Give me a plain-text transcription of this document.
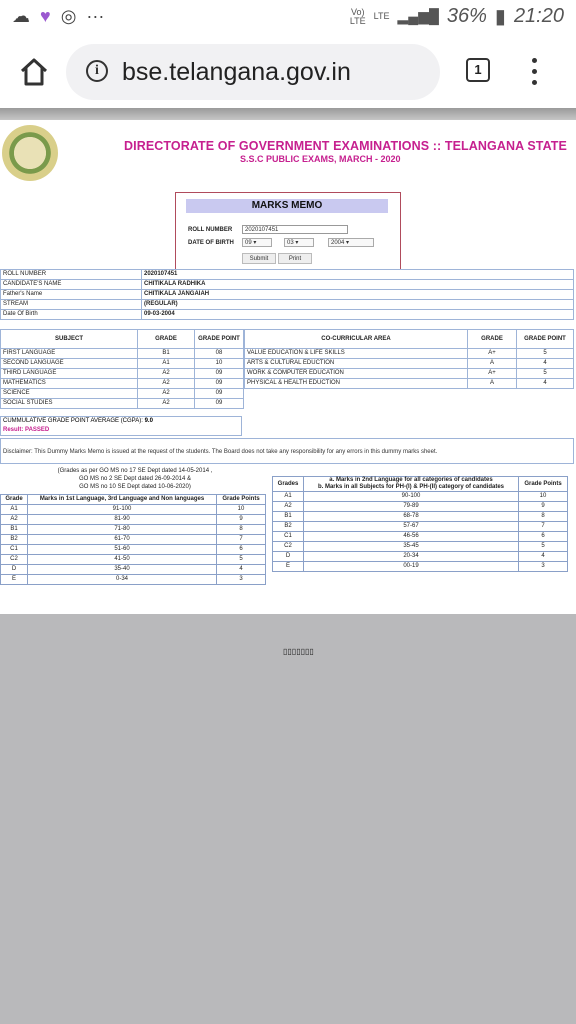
☁ ♥ ◎ ···	Vo)
LTE LTE ▂▄▆█ 36% ▮ 21:20
i bse.telangana.gov.in	1
DIRECTORATE OF GOVERNMENT EXAMINATIONS :: TELANGANA STATE
S.S.C PUBLIC EXAMS, MARCH - 2020
MARKS MEMO
ROLL NUMBER	2020107451
DATE OF BIRTH	09 ▾	03 ▾	2004 ▾
Submit	Print
ROLL NUMBER	2020107451
CANDIDATE'S NAME	CHITIKALA RADHIKA
Father's Name	CHITIKALA JANGAIAH
STREAM	(REGULAR)
Date Of Birth	09-03-2004
SUBJECT	GRADE	GRADE POINT
FIRST LANGUAGE	B1	08
SECOND LANGUAGE	A1	10
THIRD LANGUAGE	A2	09
MATHEMATICS	A2	09
SCIENCE	A2	09
SOCIAL STUDIES	A2	09
CO-CURRICULAR AREA	GRADE	GRADE POINT
VALUE EDUCATION & LIFE SKILLS	A+	5
ARTS & CULTURAL EDUCTION	A	4
WORK & COMPUTER EDUCATION	A+	5
PHYSICAL & HEALTH EDUCTION	A	4
CUMMULATIVE GRADE POINT AVERAGE (CGPA): 9.0
Result: PASSED
Disclaimer: This Dummy Marks Memo is issued at the request of the students. The Board does not take any responsibility for any errors in this dummy marks sheet.
(Grades as per GO MS no 17 SE Dept dated 14-05-2014 ,
GO MS no 2 SE Dept dated 26-09-2014 &
GO MS no 10 SE Dept dated 10-06-2020)
Grade	Marks in 1st Language, 3rd Language and Non languages	Grade Points
A1	91-100	10
A2	81-90	9
B1	71-80	8
B2	61-70	7
C1	51-60	6
C2	41-50	5
D	35-40	4
E	0-34	3
Grades	a. Marks in 2nd Language for all categories of candidates
b. Marks in all Subjects for PH-(I) & PH-(II) category of candidates	Grade Points
A1	90-100	10
A2	79-89	9
B1	68-78	8
B2	57-67	7
C1	46-56	6
C2	35-45	5
D	20-34	4
E	00-19	3
▯▯▯▯▯▯▯
